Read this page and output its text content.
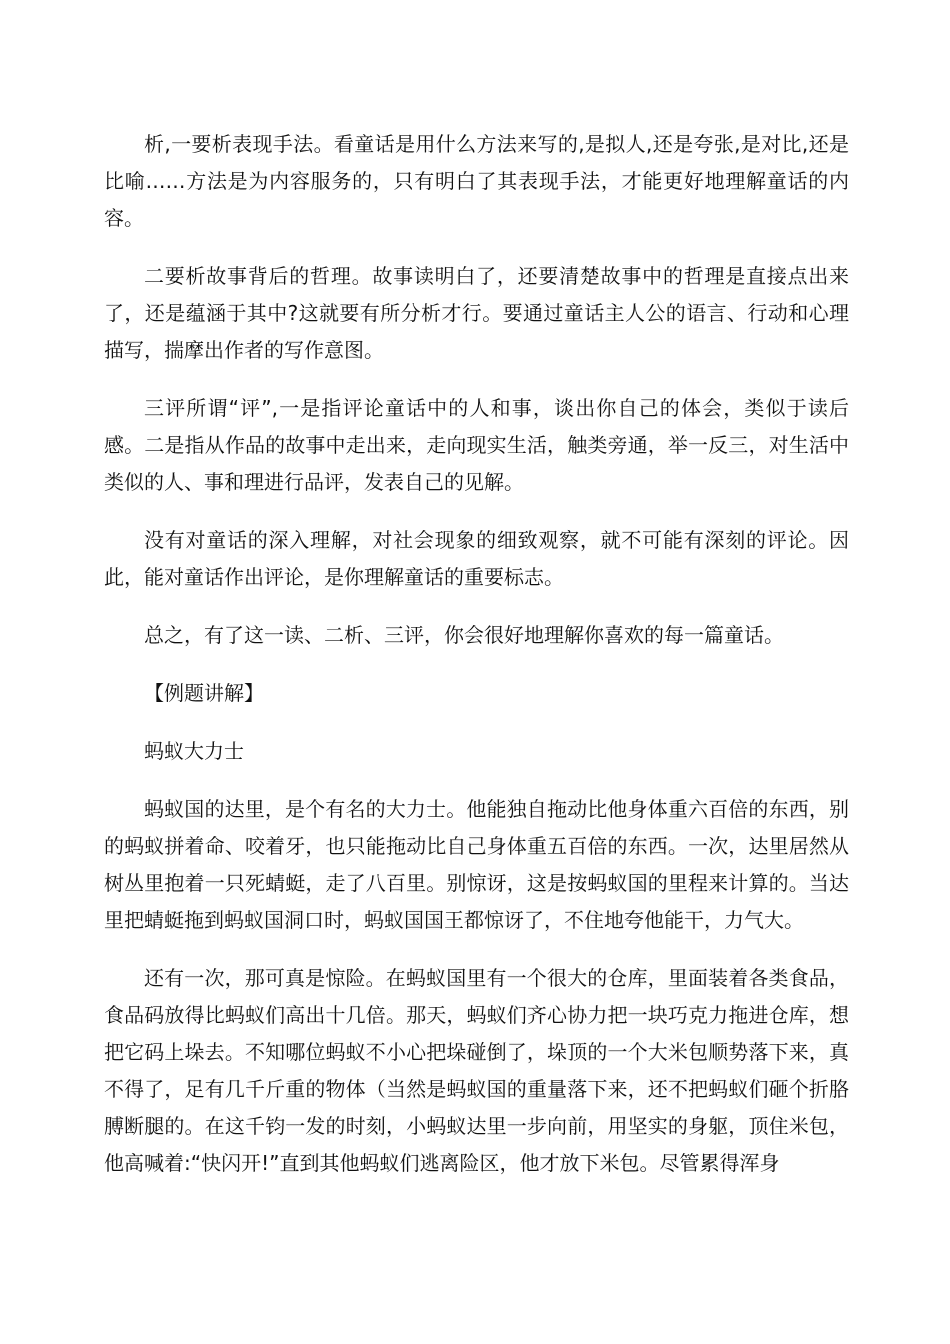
析,一要析表现手法。看童话是用什么方法来写的,是拟人,还是夸张,是对比,还是比喻……方法是为内容服务的，只有明白了其表现手法，才能更好地理解童话的内容。

二要析故事背后的哲理。故事读明白了，还要清楚故事中的哲理是直接点出来了，还是蕴涵于其中?这就要有所分析才行。要通过童话主人公的语言、行动和心理描写，揣摩出作者的写作意图。

三评所谓“评”,一是指评论童话中的人和事，谈出你自己的体会，类似于读后感。二是指从作品的故事中走出来，走向现实生活，触类旁通，举一反三，对生活中类似的人、事和理进行品评，发表自己的见解。

没有对童话的深入理解，对社会现象的细致观察，就不可能有深刻的评论。因此，能对童话作出评论，是你理解童话的重要标志。

总之，有了这一读、二析、三评，你会很好地理解你喜欢的每一篇童话。

【例题讲解】

蚂蚁大力士

蚂蚁国的达里，是个有名的大力士。他能独自拖动比他身体重六百倍的东西，别的蚂蚁拼着命、咬着牙，也只能拖动比自己身体重五百倍的东西。一次，达里居然从树丛里抱着一只死蜻蜓，走了八百里。别惊讶，这是按蚂蚁国的里程来计算的。当达里把蜻蜓拖到蚂蚁国洞口时，蚂蚁国国王都惊讶了，不住地夸他能干，力气大。

还有一次，那可真是惊险。在蚂蚁国里有一个很大的仓库，里面装着各类食品，食品码放得比蚂蚁们高出十几倍。那天，蚂蚁们齐心协力把一块巧克力拖进仓库，想把它码上垛去。不知哪位蚂蚁不小心把垛碰倒了，垛顶的一个大米包顺势落下来，真不得了，足有几千斤重的物体（当然是蚂蚁国的重量落下来，还不把蚂蚁们砸个折胳膊断腿的。在这千钧一发的时刻，小蚂蚁达里一步向前，用坚实的身躯，顶住米包，他高喊着:“快闪开!”直到其他蚂蚁们逃离险区，他才放下米包。尽管累得浑身
